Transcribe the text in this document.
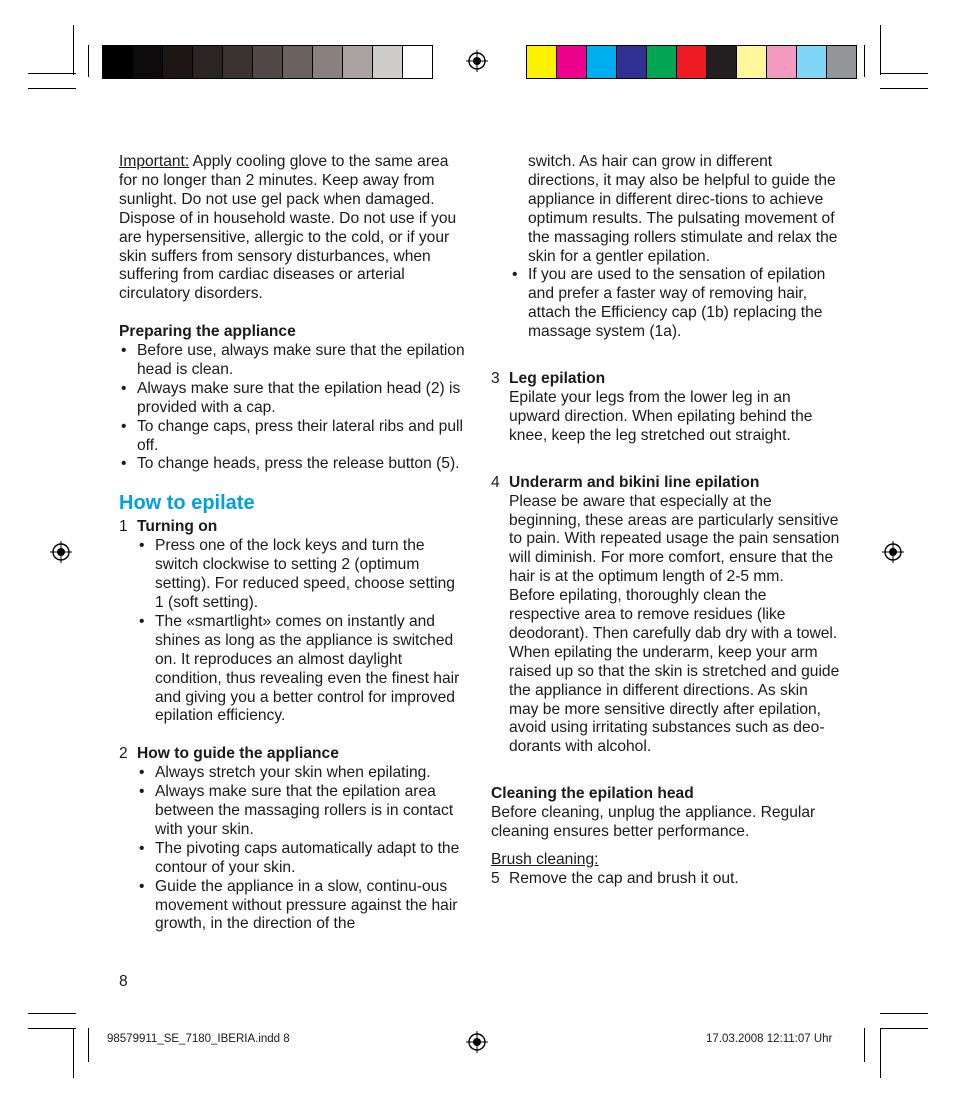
Important: Apply cooling glove to the same area for no longer than 2 minutes. Keep away from sunlight. Do not use gel pack when damaged. Dispose of in household waste. Do not use if you are hypersensitive, allergic to the cold, or if your skin suffers from sensory disturbances, when suffering from cardiac diseases or arterial circulatory disorders.

Preparing the appliance

• Before use, always make sure that the epilation head is clean.
• Always make sure that the epilation head (2) is provided with a cap.
• To change caps, press their lateral ribs and pull off.
• To change heads, press the release button (5).

How to epilate

1 Turning on

• Press one of the lock keys and turn the switch clockwise to setting 2 (optimum setting). For reduced speed, choose setting 1 (soft setting).
• The «smartlight» comes on instantly and shines as long as the appliance is switched on. It reproduces an almost daylight condition, thus revealing even the finest hair and giving you a better control for improved epilation efficiency.
2 How to guide the appliance

• Always stretch your skin when epilating.
• Always make sure that the epilation area between the massaging rollers is in contact with your skin.
• The pivoting caps automatically adapt to the contour of your skin.
• Guide the appliance in a slow, continu-ous movement without pressure against the hair growth, in the direction of the
8

switch. As hair can grow in different directions, it may also be helpful to guide the appliance in different direc-tions to achieve optimum results. The pulsating movement of the massaging rollers stimulate and relax the skin for a gentler epilation.

• If you are used to the sensation of epilation and prefer a faster way of removing hair, attach the Efficiency cap (1b) replacing the massage system (1a).
3 Leg epilation

Epilate your legs from the lower leg in an upward direction. When epilating behind the knee, keep the leg stretched out straight.

4 Underarm and bikini line epilation

Please be aware that especially at the beginning, these areas are particularly sensitive to pain. With repeated usage the pain sensation will diminish. For more comfort, ensure that the hair is at the optimum length of 2-5 mm.

Before epilating, thoroughly clean the respective area to remove residues (like deodorant). Then carefully dab dry with a towel. When epilating the underarm, keep your arm raised up so that the skin is stretched and guide the appliance in different directions. As skin may be more sensitive directly after epilation, avoid using irritating substances such as deo-dorants with alcohol.

Cleaning the epilation head

Before cleaning, unplug the appliance. Regular cleaning ensures better performance.

Brush cleaning:

5 Remove the cap and brush it out.
98579911_SE_7180_IBERIA.indd 8	17.03.2008 12:11:07 Uhr
